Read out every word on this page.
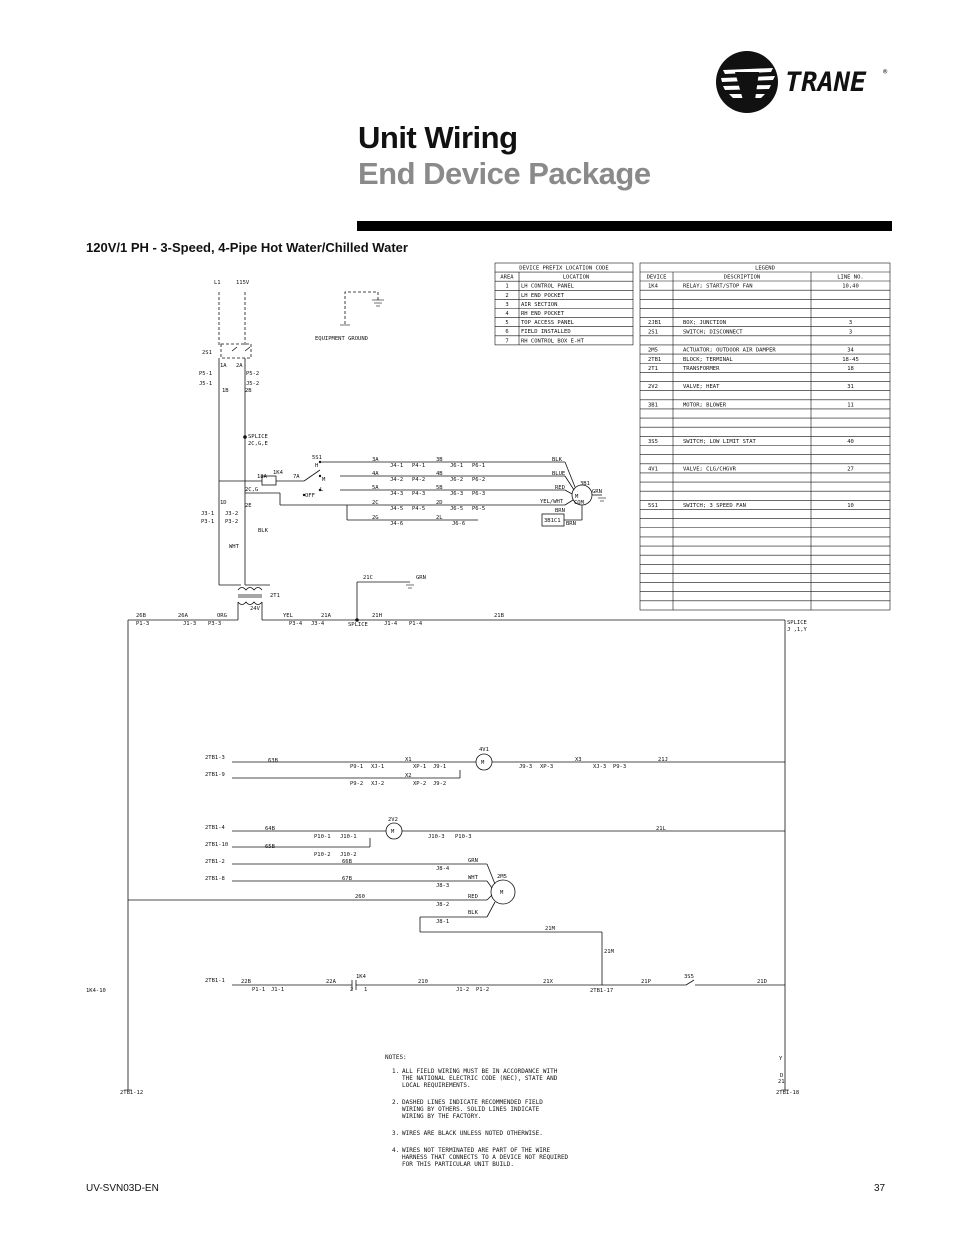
TRANE ®
Unit Wiring
End Device Package
120V/1 PH - 3-Speed, 4-Pipe Hot Water/Chilled Water
DEVICE PREFIX LOCATION CODE
AREA	LOCATION
1 LH CONTROL PANEL
2 LH END POCKET
3 AIR SECTION
4 RH END POCKET
5 TOP ACCESS PANEL
6 FIELD INSTALLED
7 RH CONTROL BOX E-HT
LEGEND
DEVICE	DESCRIPTION	LINE NO.
1K4	RELAY; START/STOP FAN	10,40
2JB1	BOX; JUNCTION	3
2S1	SWITCH; DISCONNECT	3
2M5	ACTUATOR; OUTDOOR AIR DAMPER	34
2TB1	BLOCK; TERMINAL	18-45
2T1	TRANSFORMER	18
2V2	VALVE; HEAT	31
3B1	MOTOR; BLOWER	11
3S5	SWITCH; LOW LIMIT STAT	40
4V1	VALVE; CLG/CHGVR	27
5S1	SWITCH; 3 SPEED FAN	10
L1	115V
EQUIPMENT GROUND
2S1
1A 2A
P5-1	P5-2
J5-1	J5-2
1B	2B
SPLICE
2C,G,E
5S1
H
M
L
OFF
18A
1K4
7A
2C,G
2E
1D
J3-1
P3-1
J3-2
P3-2
BLK
WHT
2T1
24V
3A
4A
5A
2C
2G
J4-1
J4-2
J4-3
J4-5
J4-6
P4-1
P4-2
P4-3
P4-5
3B
4B
5B
2D
2L
J6-1
J6-2
J6-3
J6-5
J6-6
P6-1
P6-2
P6-3
P6-5
BLK
BLUE
RED
YEL/WHT
BRN
GRN
3B1
M
COM
3B1C1 BRN
21C	GRN
26B
P1-3
26A
J1-3
ORG
P3-3
YEL	21A
P3-4 J3-4	SPLICE
21H
J1-4 P1-4
21B
SPLICE
J ,1,Y
2TB1-3
2TB1-9
63B	X1
X2
4V1
M
P9-1 XJ-1	XP-1 J9-1
P9-2 XJ-2	XP-2 J9-2
J9-3 XP-3
X3
XJ-3 P9-3
21J
2TB1-4
2TB1-10
64B
65B
2V2
M
P10-1 J10-1
P10-2 J10-2
J10-3 P10-3
21L
2TB1-2
2TB1-8
66B
67B
260
J8-4
J8-3
J8-2
J8-1
GRN
WHT
RED
BLK
2M5
M
21M
21M
2TB1-1	22B
P1-1 J1-1
22A
1K4
2 1
210
J1-2 P1-2
21X
2TB1-17
21P
3S5
21D
1K4-10
2TB1-12	2TB1-18
Y
D
21
NOTES:
1. ALL FIELD WIRING MUST BE IN ACCORDANCE WITH
THE NATIONAL ELECTRIC CODE (NEC), STATE AND
LOCAL REQUIREMENTS.
2. DASHED LINES INDICATE RECOMMENDED FIELD
WIRING BY OTHERS. SOLID LINES INDICATE
WIRING BY THE FACTORY.
3. WIRES ARE BLACK UNLESS NOTED OTHERWISE.
4. WIRES NOT TERMINATED ARE PART OF THE WIRE
HARNESS THAT CONNECTS TO A DEVICE NOT REQUIRED
FOR THIS PARTICULAR UNIT BUILD.
UV-SVN03D-EN	37
